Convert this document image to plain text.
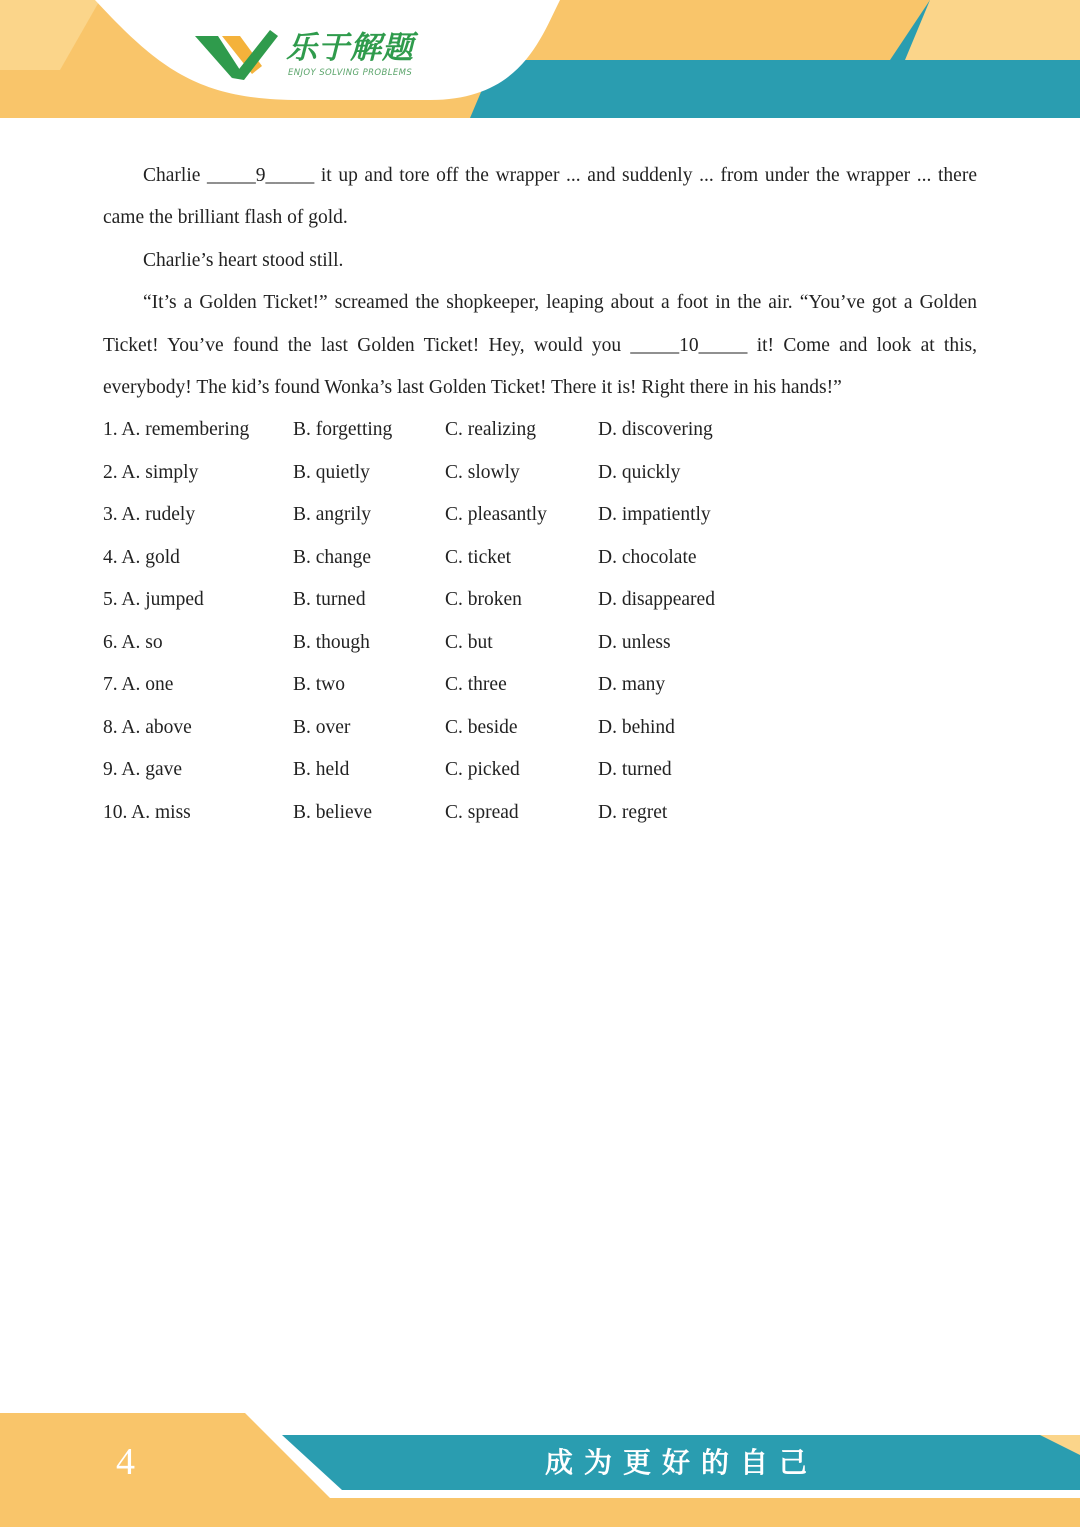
乐于解题
ENJOY SOLVING PROBLEMS

Charlie _____9_____ it up and tore off the wrapper ... and suddenly ... from under the wrapper ... there came the brilliant flash of gold.

Charlie’s heart stood still.

“It’s a Golden Ticket!” screamed the shopkeeper, leaping about a foot in the air. “You’ve got a Golden Ticket! You’ve found the last Golden Ticket! Hey, would you _____10_____ it! Come and look at this, everybody! The kid’s found Wonka’s last Golden Ticket! There it is! Right there in his hands!”

1. A. remembering B. forgetting	C. realizing	D. discovering
2. A. simply	B. quietly	C. slowly	D. quickly
3. A. rudely	B. angrily	C. pleasantly	D. impatiently
4. A. gold	B. change	C. ticket	D. chocolate
5. A. jumped	B. turned	C. broken	D. disappeared
6. A. so	B. though	C. but	D. unless
7. A. one	B. two	C. three	D. many
8. A. above	B. over	C. beside	D. behind
9. A. gave	B. held	C. picked	D. turned
10. A. miss	B. believe	C. spread	D. regret
4	成为更好的自己
